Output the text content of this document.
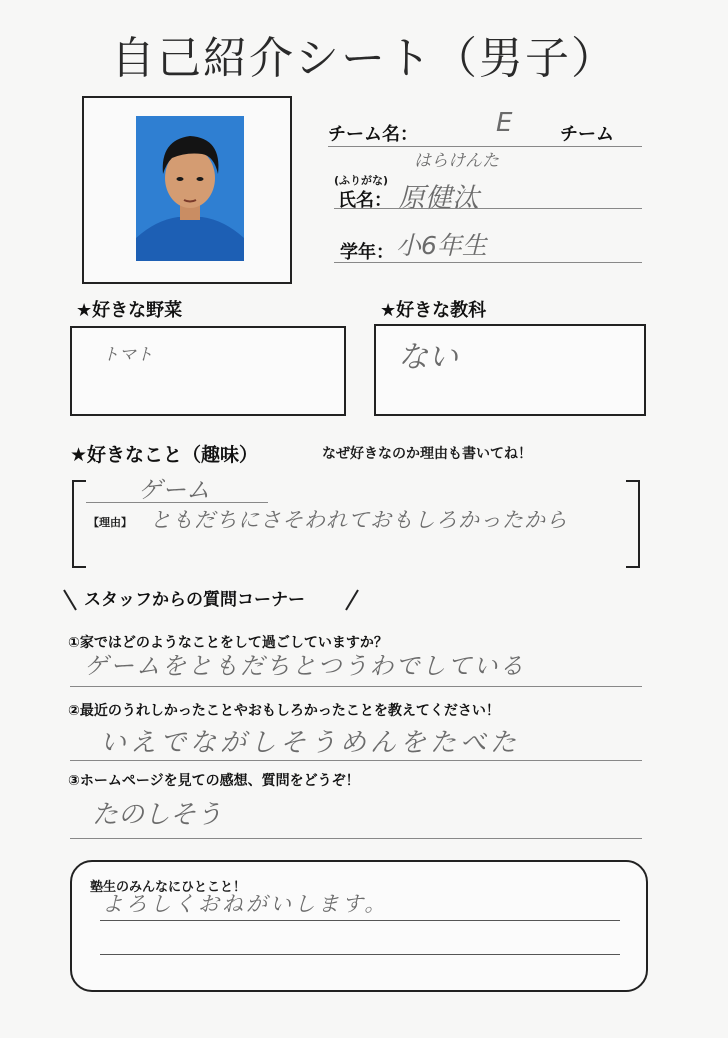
自己紹介シート（男子）
チーム名：	E	チーム
はらけんた
(ふりがな)
氏名： 原健汰
学年： 小6年生
★好きな野菜
トマト
★好きな教科
ない
★好きなこと（趣味）	なぜ好きなのか理由も書いてね！
ゲーム
【理由】 ともだちにさそわれておもしろかったから
スタッフからの質問コーナー
①家ではどのようなことをして過ごしていますか？
ゲームをともだちとつうわでしている
②最近のうれしかったことやおもしろかったことを教えてください！
いえでながしそうめんをたべた
③ホームページを見ての感想、質問をどうぞ！
たのしそう
塾生のみんなにひとこと！
よろしくおねがいします。
